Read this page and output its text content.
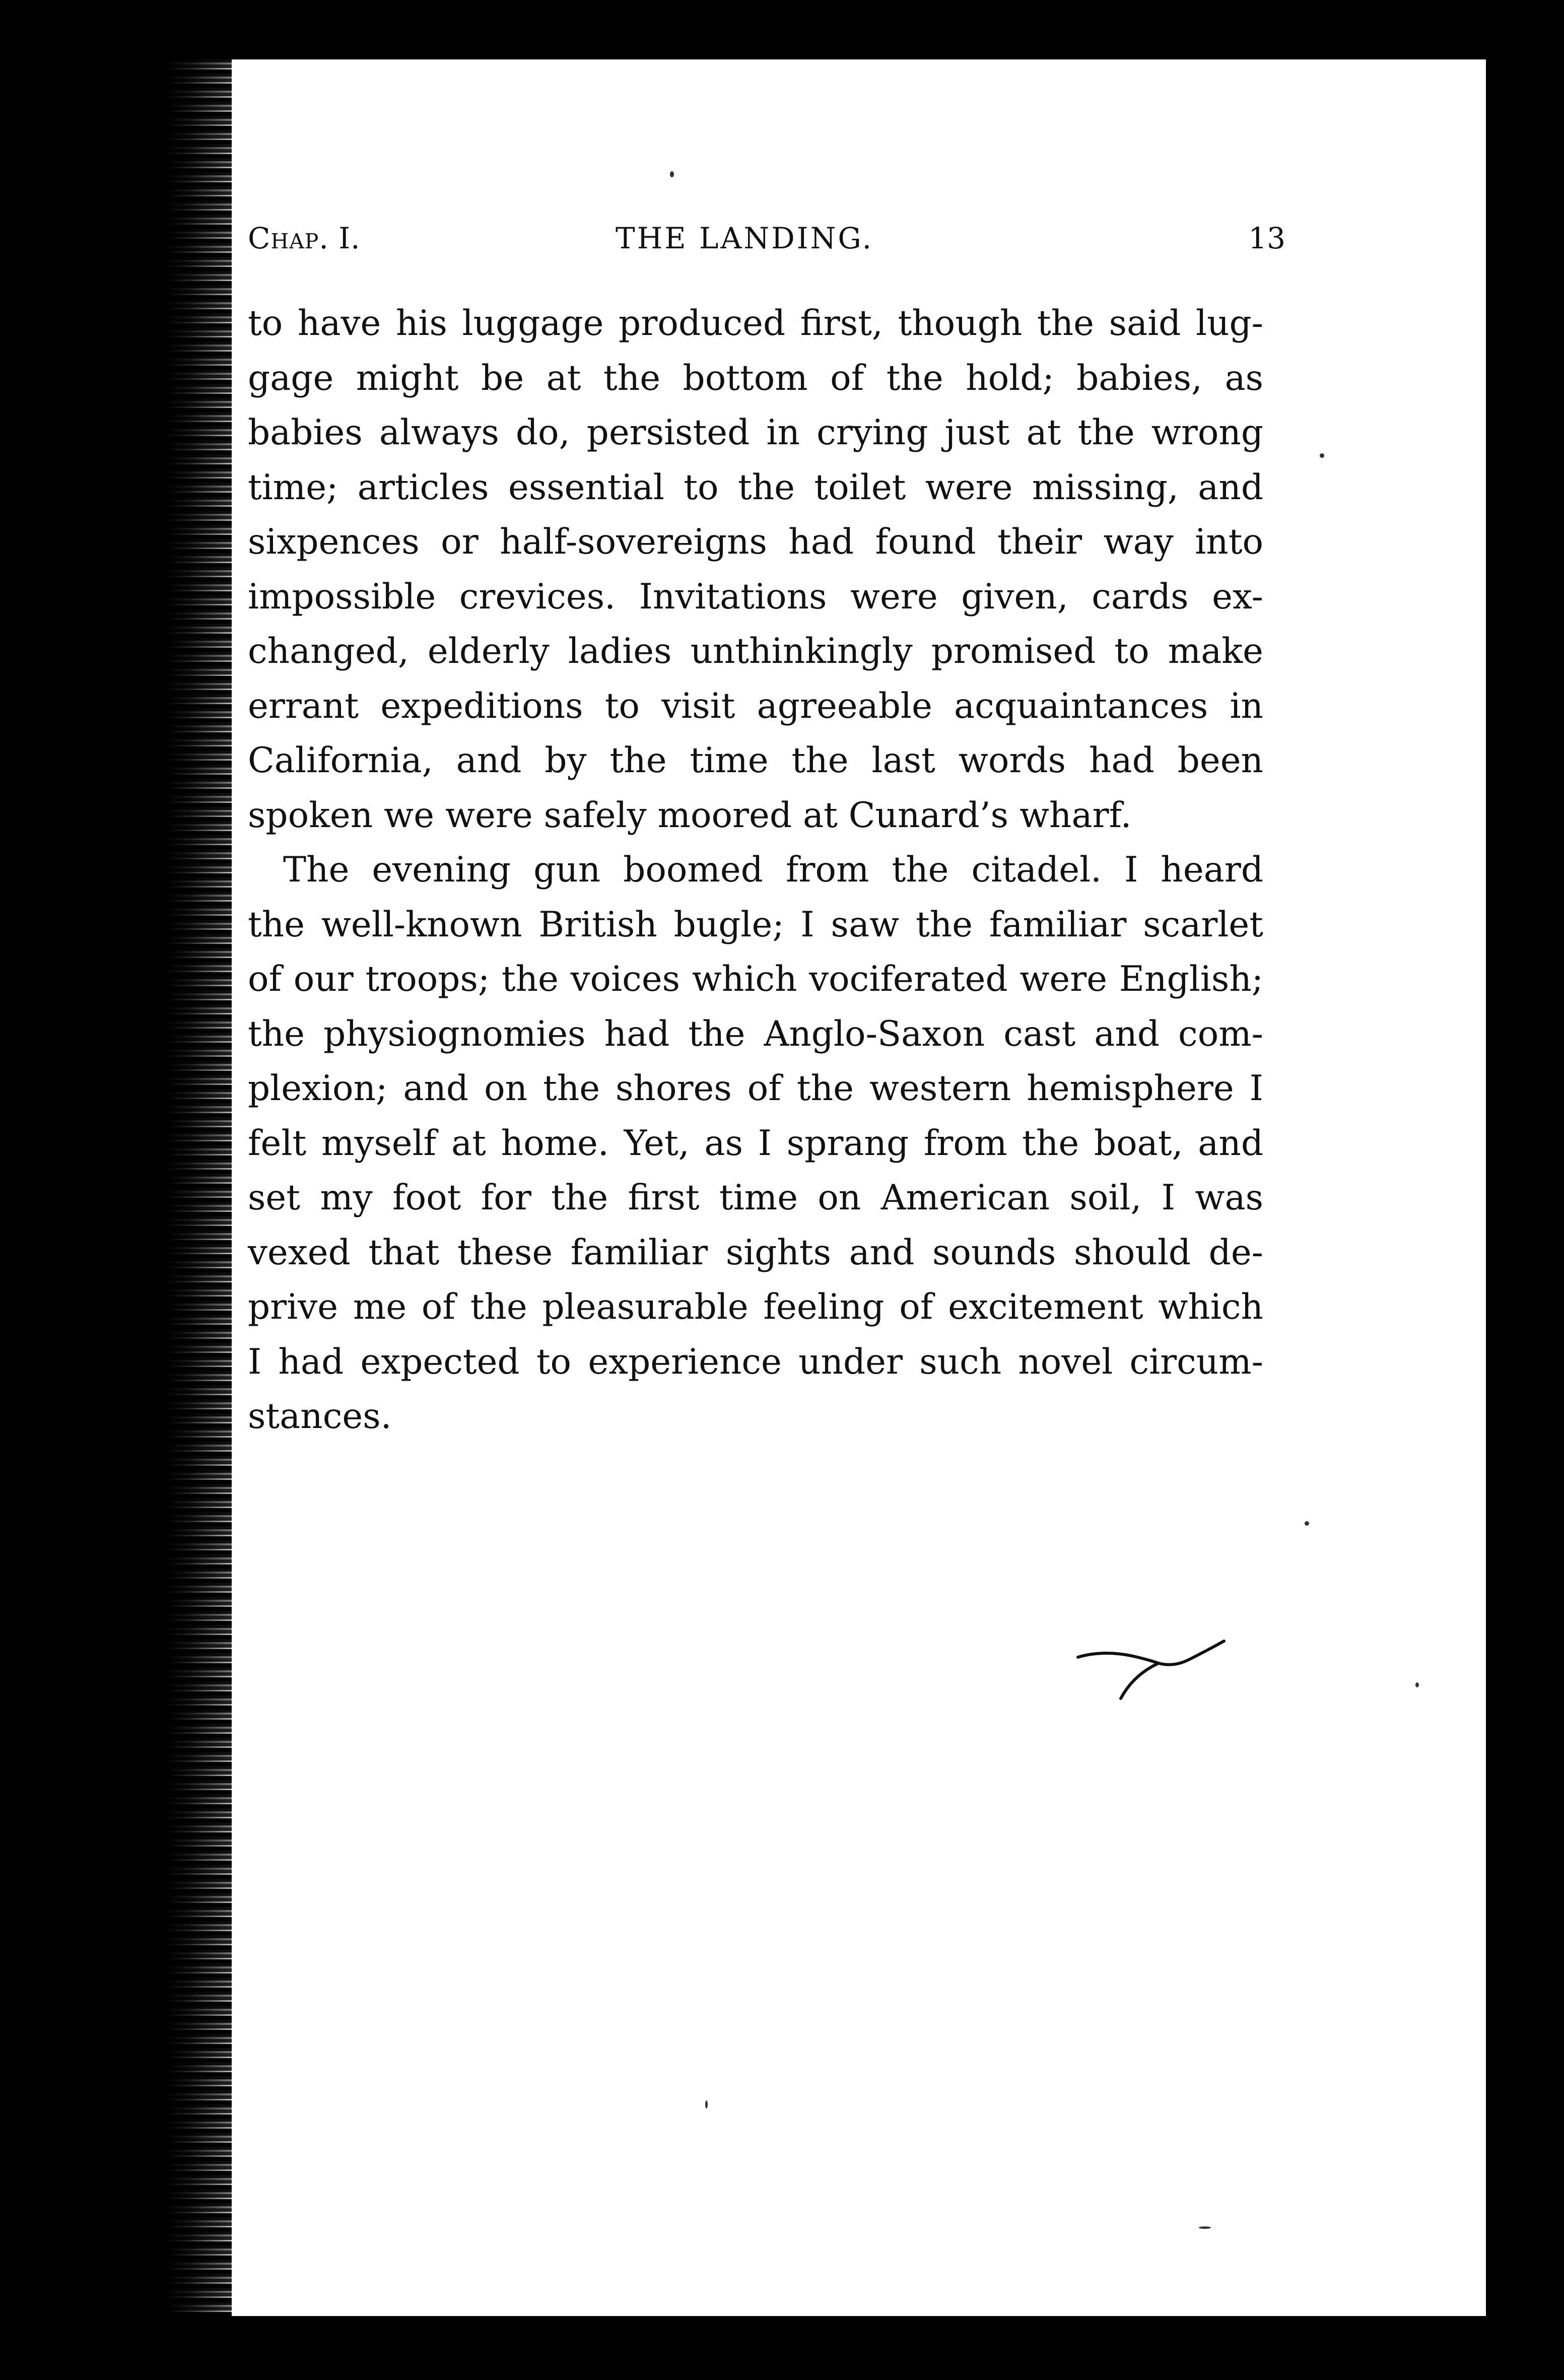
Chap. I.	THE LANDING.	13

to have his luggage produced first, though the said lug-
gage might be at the bottom of the hold; babies, as
babies always do, persisted in crying just at the wrong
time; articles essential to the toilet were missing, and
sixpences or half-sovereigns had found their way into
impossible crevices. Invitations were given, cards ex-
changed, elderly ladies unthinkingly promised to make
errant expeditions to visit agreeable acquaintances in
California, and by the time the last words had been
spoken we were safely moored at Cunard’s wharf.

The evening gun boomed from the citadel. I heard
the well-known British bugle; I saw the familiar scarlet
of our troops; the voices which vociferated were English;
the physiognomies had the Anglo-Saxon cast and com-
plexion; and on the shores of the western hemisphere I
felt myself at home. Yet, as I sprang from the boat, and
set my foot for the first time on American soil, I was
vexed that these familiar sights and sounds should de-
prive me of the pleasurable feeling of excitement which
I had expected to experience under such novel circum-
stances.
